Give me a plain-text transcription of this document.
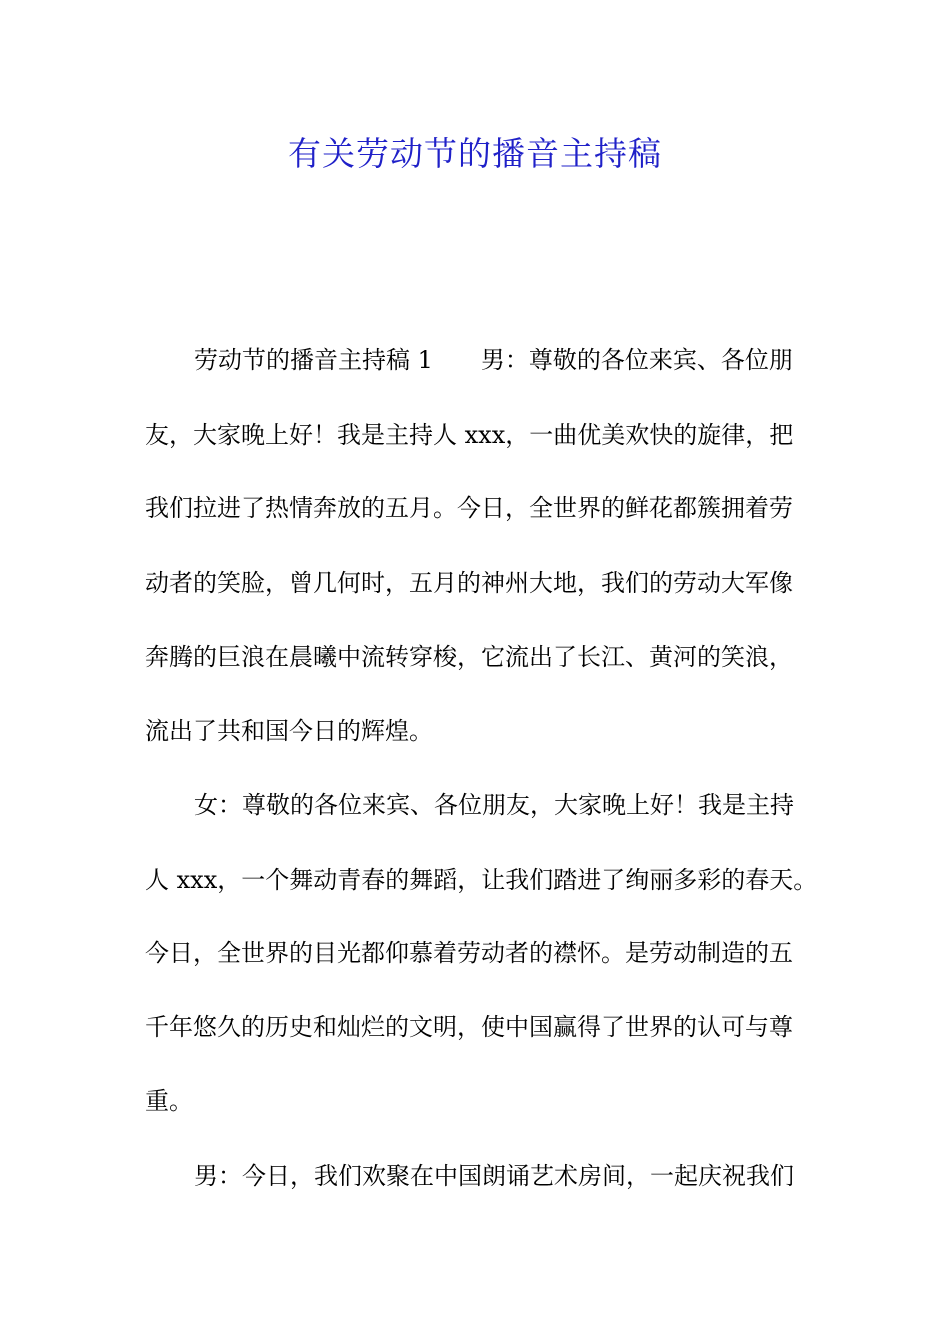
有关劳动节的播音主持稿
劳动节的播音主持稿 1　　男：尊敬的各位来宾、各位朋
友，大家晚上好！我是主持人 xxx，一曲优美欢快的旋律，把
我们拉进了热情奔放的五月。今日，全世界的鲜花都簇拥着劳
动者的笑脸，曾几何时，五月的神州大地，我们的劳动大军像
奔腾的巨浪在晨曦中流转穿梭，它流出了长江、黄河的笑浪，
流出了共和国今日的辉煌。
女：尊敬的各位来宾、各位朋友，大家晚上好！我是主持
人 xxx，一个舞动青春的舞蹈，让我们踏进了绚丽多彩的春天。
今日，全世界的目光都仰慕着劳动者的襟怀。是劳动制造的五
千年悠久的历史和灿烂的文明，使中国赢得了世界的认可与尊
重。
男：今日，我们欢聚在中国朗诵艺术房间，一起庆祝我们
